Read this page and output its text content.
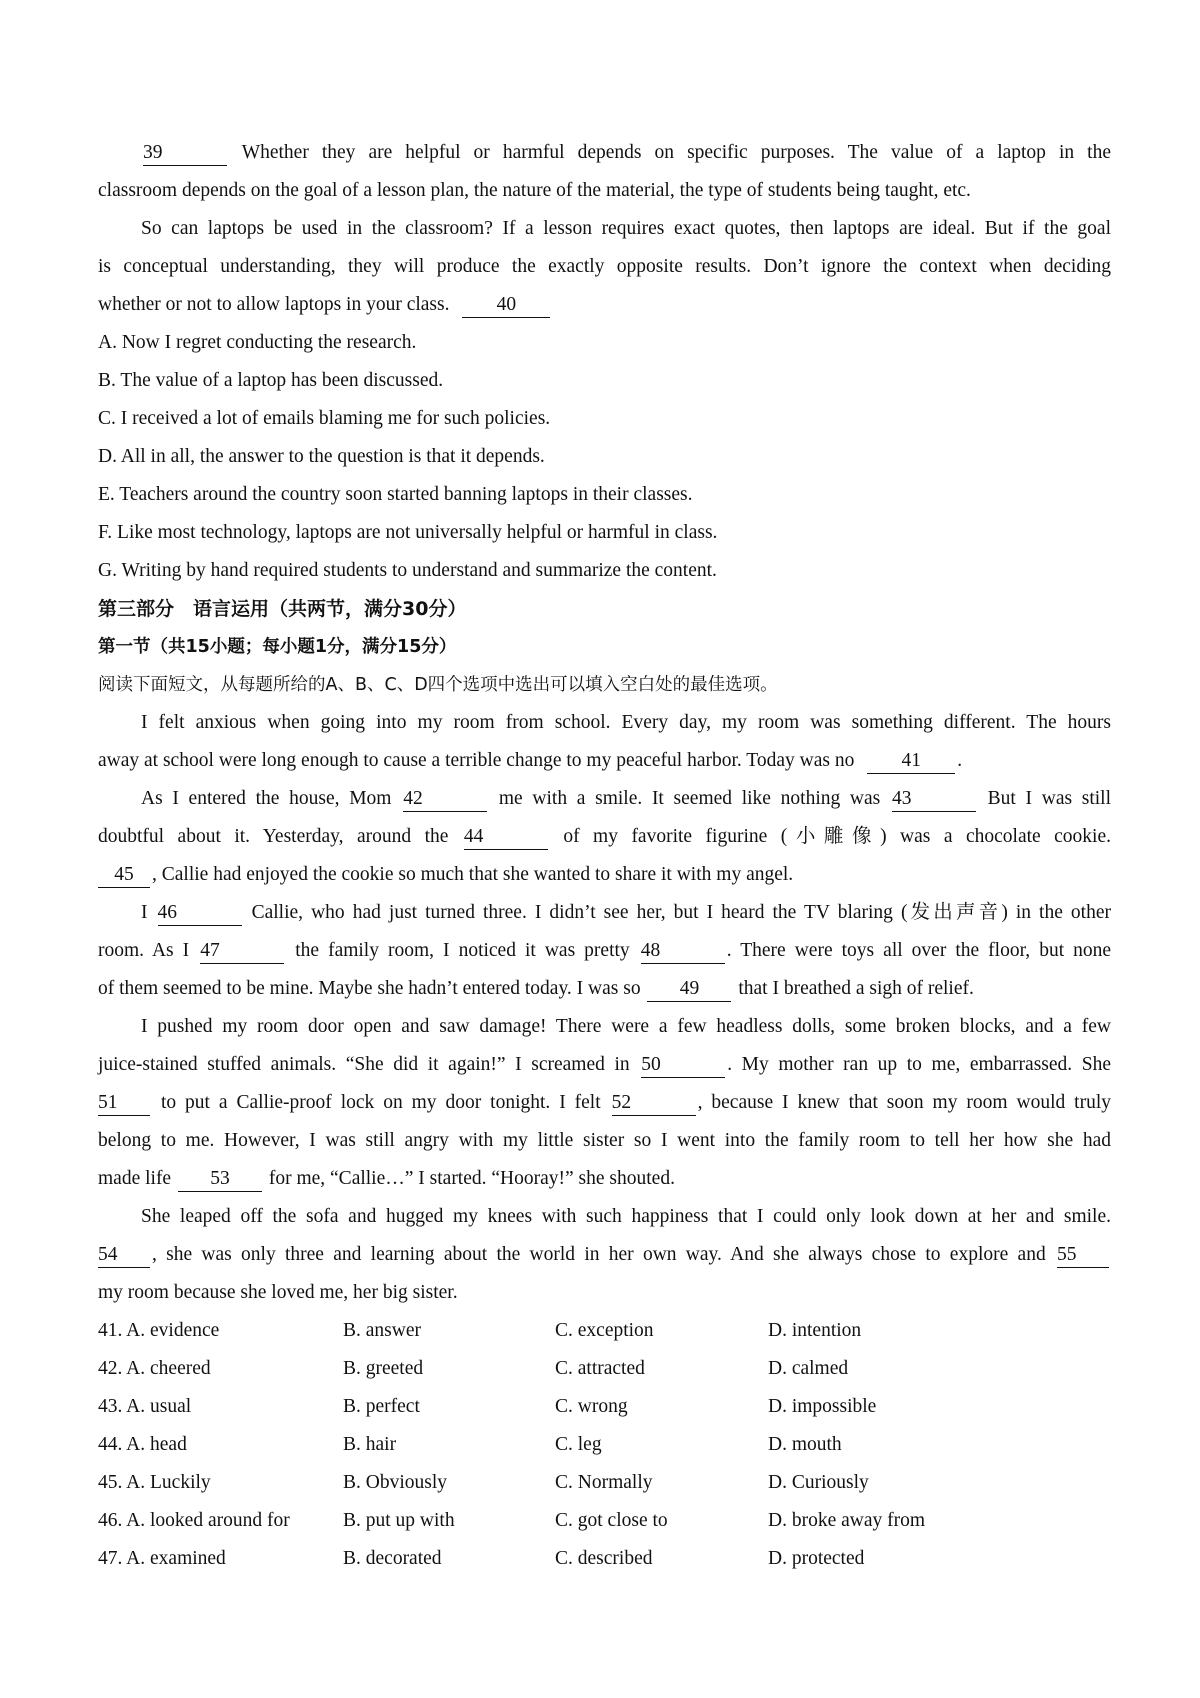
39	Whether they are helpful or harmful depends on specific purposes. The value of a laptop in the
classroom depends on the goal of a lesson plan, the nature of the material, the type of students being taught, etc.
So can laptops be used in the classroom? If a lesson requires exact quotes, then laptops are ideal. But if the goal
is conceptual understanding, they will produce the exactly opposite results. Don’t ignore the context when deciding
whether or not to allow laptops in your class. 40
A. Now I regret conducting the research.
B. The value of a laptop has been discussed.
C. I received a lot of emails blaming me for such policies.
D. All in all, the answer to the question is that it depends.
E. Teachers around the country soon started banning laptops in their classes.
F. Like most technology, laptops are not universally helpful or harmful in class.
G. Writing by hand required students to understand and summarize the content.
第三部分　语言运用（共两节，满分30分）
第一节（共15小题；每小题1分，满分15分）
阅读下面短文，从每题所给的A、B、C、D四个选项中选出可以填入空白处的最佳选项。
I felt anxious when going into my room from school. Every day, my room was something different. The hours
away at school were long enough to cause a terrible change to my peaceful harbor. Today was no 41 .
As I entered the house, Mom 42	me with a smile. It seemed like nothing was 43	But I was still
doubtful about it. Yesterday, around the 44	of my favorite figurine (小雕像) was a chocolate cookie.
45 , Callie had enjoyed the cookie so much that she wanted to share it with my angel.
I 46	Callie, who had just turned three. I didn’t see her, but I heard the TV blaring (发出声音) in the other
room. As I 47	the family room, I noticed it was pretty 48	. There were toys all over the floor, but none
of them seemed to be mine. Maybe she hadn’t entered today. I was so 49 that I breathed a sigh of relief.
I pushed my room door open and saw damage! There were a few headless dolls, some broken blocks, and a few
juice-stained stuffed animals. “She did it again!” I screamed in 50	. My mother ran up to me, embarrassed. She
51 to put a Callie-proof lock on my door tonight. I felt 52	, because I knew that soon my room would truly
belong to me. However, I was still angry with my little sister so I went into the family room to tell her how she had
made life 53 for me, “Callie…” I started. “Hooray!” she shouted.
She leaped off the sofa and hugged my knees with such happiness that I could only look down at her and smile.
54 , she was only three and learning about the world in her own way. And she always chose to explore and 55
my room because she loved me, her big sister.
41. A. evidence	B. answer	C. exception	D. intention
42. A. cheered	B. greeted	C. attracted	D. calmed
43. A. usual	B. perfect	C. wrong	D. impossible
44. A. head	B. hair	C. leg	D. mouth
45. A. Luckily	B. Obviously	C. Normally	D. Curiously
46. A. looked around for	B. put up with	C. got close to	D. broke away from
47. A. examined	B. decorated	C. described	D. protected
